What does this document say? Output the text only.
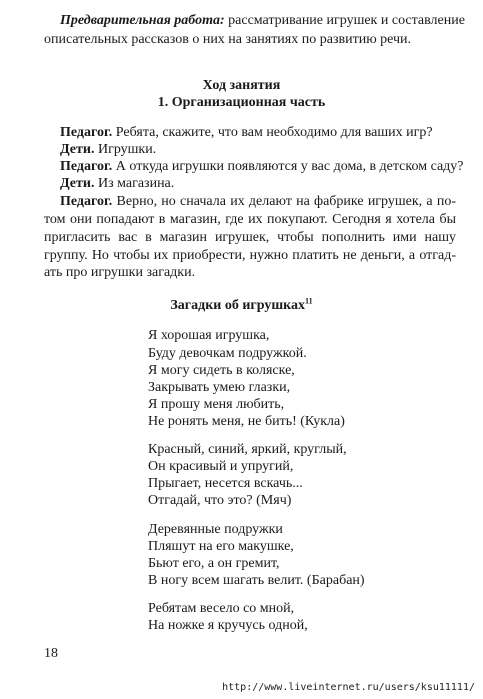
Предварительная работа: рассматривание игрушек и составление
описательных рассказов о них на занятиях по развитию речи.
Ход занятия
1. Организационная часть
Педагог. Ребята, скажите, что вам необходимо для ваших игр?
Дети. Игрушки.
Педагог. А откуда игрушки появляются у вас дома, в детском саду?
Дети. Из магазина.
Педагог. Верно, но сначала их делают на фабрике игрушек, а по-
том они попадают в магазин, где их покупают. Сегодня я хотела бы
пригласить вас в магазин игрушек, чтобы пополнить ими нашу
группу. Но чтобы их приобрести, нужно платить не деньги, а отгад-
ать про игрушки загадки.
Загадки об игрушках$^{11}$
Я хорошая игрушка,
Буду девочкам подружкой.
Я могу сидеть в коляске,
Закрывать умею глазки,
Я прошу меня любить,
Не ронять меня, не бить! (Кукла)
Красный, синий, яркий, круглый,
Он красивый и упругий,
Прыгает, несется вскачь...
Отгадай, что это? (Мяч)
Деревянные подружки
Пляшут на его макушке,
Бьют его, а он гремит,
В ногу всем шагать велит. (Барабан)
Ребятам весело со мной,
На ножке я кручусь одной,
18
http://www.liveinternet.ru/users/ksu11111/
